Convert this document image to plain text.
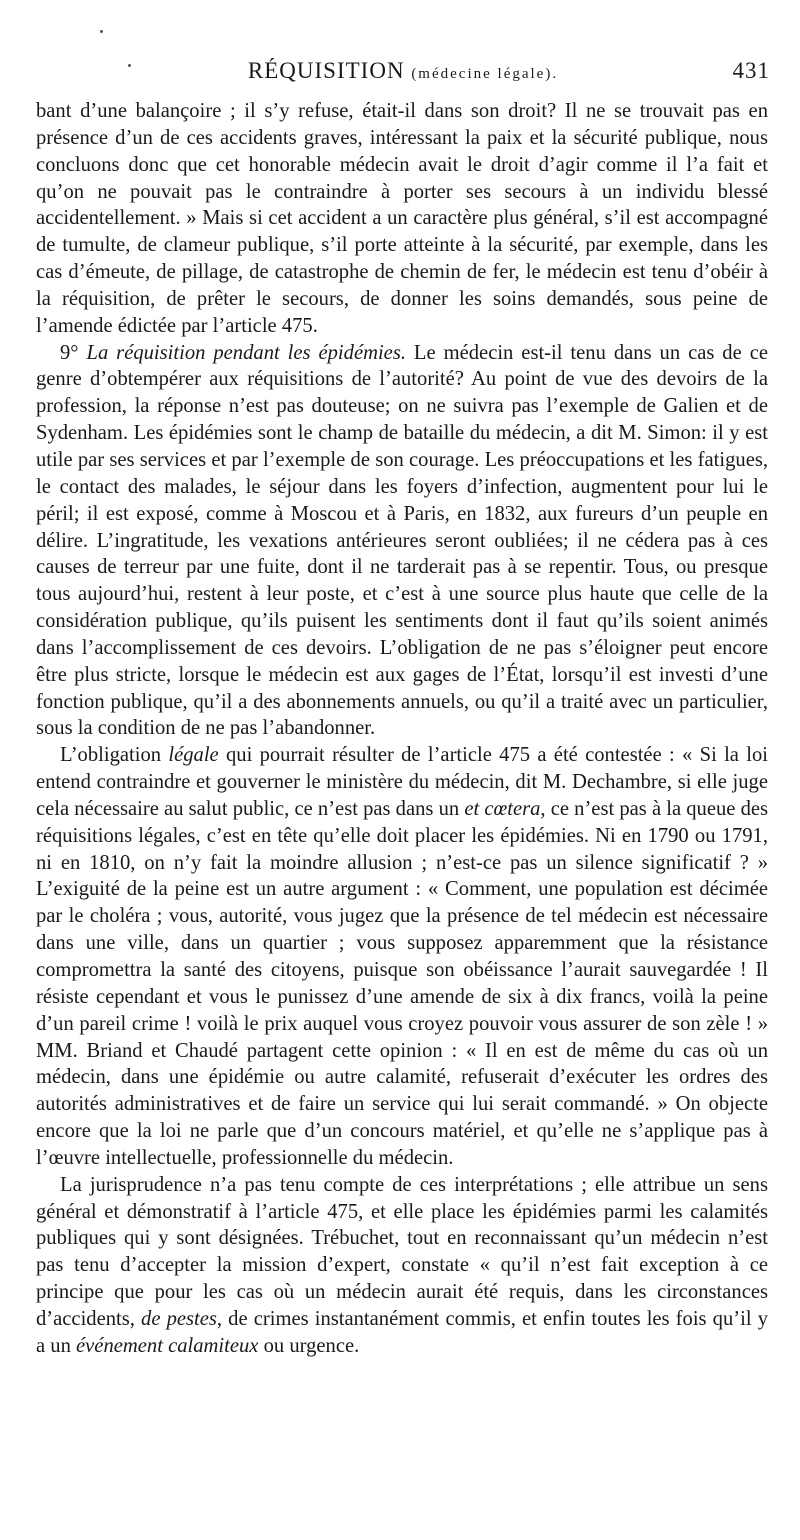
RÉQUISITION (médecine légale).	431

bant d’une balançoire ; il s’y refuse, était-il dans son droit? Il ne se trouvait pas en présence d’un de ces accidents graves, intéressant la paix et la sécurité publique, nous concluons donc que cet honorable médecin avait le droit d’agir comme il l’a fait et qu’on ne pouvait pas le contraindre à porter ses secours à un individu blessé accidentellement. » Mais si cet accident a un caractère plus général, s’il est accompagné de tumulte, de clameur publique, s’il porte atteinte à la sécurité, par exemple, dans les cas d’émeute, de pillage, de catastrophe de chemin de fer, le médecin est tenu d’obéir à la réquisition, de prêter le secours, de donner les soins demandés, sous peine de l’amende édictée par l’article 475.

9° La réquisition pendant les épidémies. Le médecin est-il tenu dans un cas de ce genre d’obtempérer aux réquisitions de l’autorité? Au point de vue des devoirs de la profession, la réponse n’est pas douteuse; on ne suivra pas l’exemple de Galien et de Sydenham. Les épidémies sont le champ de bataille du médecin, a dit M. Simon: il y est utile par ses services et par l’exemple de son courage. Les préoccupations et les fatigues, le contact des malades, le séjour dans les foyers d’infection, augmentent pour lui le péril; il est exposé, comme à Moscou et à Paris, en 1832, aux fureurs d’un peuple en délire. L’ingratitude, les vexations antérieures seront oubliées; il ne cédera pas à ces causes de terreur par une fuite, dont il ne tarderait pas à se repentir. Tous, ou presque tous aujourd’hui, restent à leur poste, et c’est à une source plus haute que celle de la considération publique, qu’ils puisent les sentiments dont il faut qu’ils soient animés dans l’accomplissement de ces devoirs. L’obligation de ne pas s’éloigner peut encore être plus stricte, lorsque le médecin est aux gages de l’État, lorsqu’il est investi d’une fonction publique, qu’il a des abonnements annuels, ou qu’il a traité avec un particulier, sous la condition de ne pas l’abandonner.

L’obligation légale qui pourrait résulter de l’article 475 a été contestée : « Si la loi entend contraindre et gouverner le ministère du médecin, dit M. Dechambre, si elle juge cela nécessaire au salut public, ce n’est pas dans un et cœtera, ce n’est pas à la queue des réquisitions légales, c’est en tête qu’elle doit placer les épidémies. Ni en 1790 ou 1791, ni en 1810, on n’y fait la moindre allusion ; n’est-ce pas un silence significatif ? » L’exiguité de la peine est un autre argument : « Comment, une population est décimée par le choléra ; vous, autorité, vous jugez que la présence de tel médecin est nécessaire dans une ville, dans un quartier ; vous supposez apparemment que la résistance compromettra la santé des citoyens, puisque son obéissance l’aurait sauvegardée ! Il résiste cependant et vous le punissez d’une amende de six à dix francs, voilà la peine d’un pareil crime ! voilà le prix auquel vous croyez pouvoir vous assurer de son zèle ! » MM. Briand et Chaudé partagent cette opinion : « Il en est de même du cas où un médecin, dans une épidémie ou autre calamité, refuserait d’exécuter les ordres des autorités administratives et de faire un service qui lui serait commandé. » On objecte encore que la loi ne parle que d’un concours matériel, et qu’elle ne s’applique pas à l’œuvre intellectuelle, professionnelle du médecin.

La jurisprudence n’a pas tenu compte de ces interprétations ; elle attribue un sens général et démonstratif à l’article 475, et elle place les épidémies parmi les calamités publiques qui y sont désignées. Trébuchet, tout en reconnaissant qu’un médecin n’est pas tenu d’accepter la mission d’expert, constate « qu’il n’est fait exception à ce principe que pour les cas où un médecin aurait été requis, dans les circonstances d’accidents, de pestes, de crimes instantanément commis, et enfin toutes les fois qu’il y a un événement calamiteux ou urgence.
